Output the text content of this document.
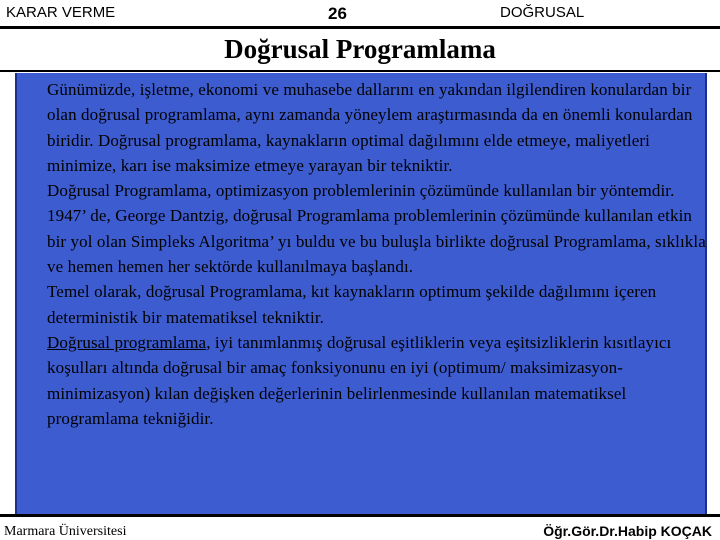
KARAR VERME	26	DOĞRUSAL
Doğrusal Programlama

Günümüzde, işletme, ekonomi ve muhasebe dallarını en yakından ilgilendiren konulardan bir olan doğrusal programlama, aynı zamanda yöneylem araştırmasında da en önemli konulardan biridir. Doğrusal programlama, kaynakların optimal dağılımını elde etmeye, maliyetleri minimize, karı ise maksimize etmeye yarayan bir tekniktir.

Doğrusal Programlama, optimizasyon problemlerinin çözümünde kullanılan bir yöntemdir. 1947’ de, George Dantzig, doğrusal Programlama problemlerinin çözümünde kullanılan etkin bir yol olan Simpleks Algoritma’ yı buldu ve bu buluşla birlikte doğrusal Programlama, sıklıkla ve hemen hemen her sektörde kullanılmaya başlandı.

Temel olarak, doğrusal Programlama, kıt kaynakların optimum şekilde dağılımını içeren deterministik bir matematiksel tekniktir.

Doğrusal programlama, iyi tanımlanmış doğrusal eşitliklerin veya eşitsizliklerin kısıtlayıcı koşulları altında doğrusal bir amaç fonksiyonunu en iyi (optimum/ maksimizasyon-minimizasyon) kılan değişken değerlerinin belirlenmesinde kullanılan matematiksel programlama tekniğidir.

Marmara Üniversitesi	Öğr.Gör.Dr.Habip KOÇAK
